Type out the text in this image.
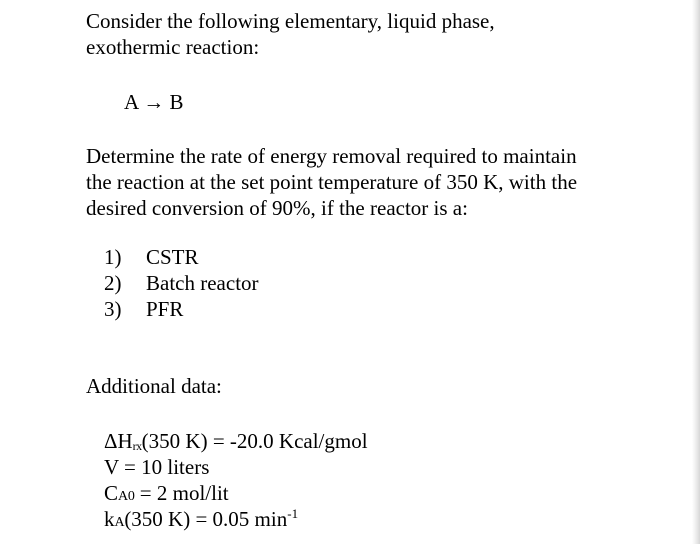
Consider the following elementary, liquid phase,
exothermic reaction:
A → B
Determine the rate of energy removal required to maintain
the reaction at the set point temperature of 350 K, with the
desired conversion of 90%, if the reactor is a:
1)	CSTR
2)	Batch reactor
3)	PFR
Additional data:
ΔHrx(350 K) = -20.0 Kcal/gmol
V = 10 liters
CA0 = 2 mol/lit
kA(350 K) = 0.05 $\min^{-1}$
